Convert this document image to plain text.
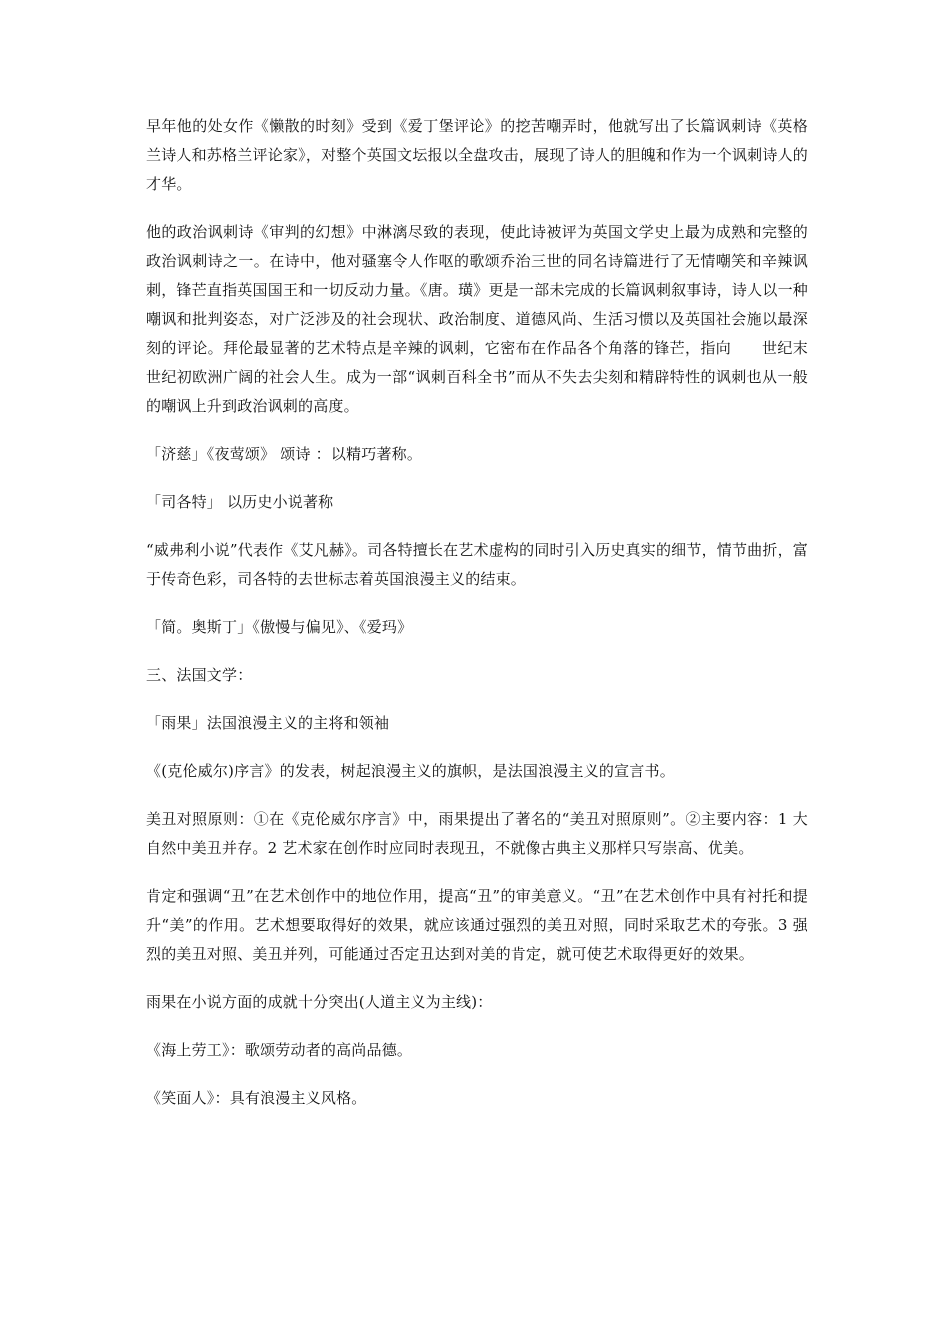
早年他的处女作《懒散的时刻》受到《爱丁堡评论》的挖苦嘲弄时，他就写出了长篇讽刺诗《英格兰诗人和苏格兰评论家》，对整个英国文坛报以全盘攻击，展现了诗人的胆魄和作为一个讽刺诗人的才华。

他的政治讽刺诗《审判的幻想》中淋漓尽致的表现，使此诗被评为英国文学史上最为成熟和完整的政治讽刺诗之一。在诗中，他对骚塞令人作呕的歌颂乔治三世的同名诗篇进行了无情嘲笑和辛辣讽刺，锋芒直指英国国王和一切反动力量。《唐。璜》更是一部未完成的长篇讽刺叙事诗，诗人以一种嘲讽和批判姿态，对广泛涉及的社会现状、政治制度、道德风尚、生活习惯以及英国社会施以最深刻的评论。拜伦最显著的艺术特点是辛辣的讽刺，它密布在作品各个角落的锋芒，指向　　世纪末　　世纪初欧洲广阔的社会人生。成为一部“讽刺百科全书”而从不失去尖刻和精辟特性的讽刺也从一般的嘲讽上升到政治讽刺的高度。

「济慈」《夜莺颂》 颂诗 ：以精巧著称。

「司各特」 以历史小说著称

“威弗利小说”代表作《艾凡赫》。司各特擅长在艺术虚构的同时引入历史真实的细节，情节曲折，富于传奇色彩，司各特的去世标志着英国浪漫主义的结束。

「简。奥斯丁」《傲慢与偏见》、《爱玛》

三、法国文学：

「雨果」法国浪漫主义的主将和领袖

《(克伦威尔)序言》的发表，树起浪漫主义的旗帜，是法国浪漫主义的宣言书。

美丑对照原则：①在《克伦威尔序言》中，雨果提出了著名的“美丑对照原则”。②主要内容：1 大自然中美丑并存。2 艺术家在创作时应同时表现丑，不就像古典主义那样只写崇高、优美。

肯定和强调“丑”在艺术创作中的地位作用，提高“丑”的审美意义。“丑”在艺术创作中具有衬托和提升“美”的作用。艺术想要取得好的效果，就应该通过强烈的美丑对照，同时采取艺术的夸张。3 强烈的美丑对照、美丑并列，可能通过否定丑达到对美的肯定，就可使艺术取得更好的效果。

雨果在小说方面的成就十分突出(人道主义为主线)：

《海上劳工》：歌颂劳动者的高尚品德。

《笑面人》：具有浪漫主义风格。
